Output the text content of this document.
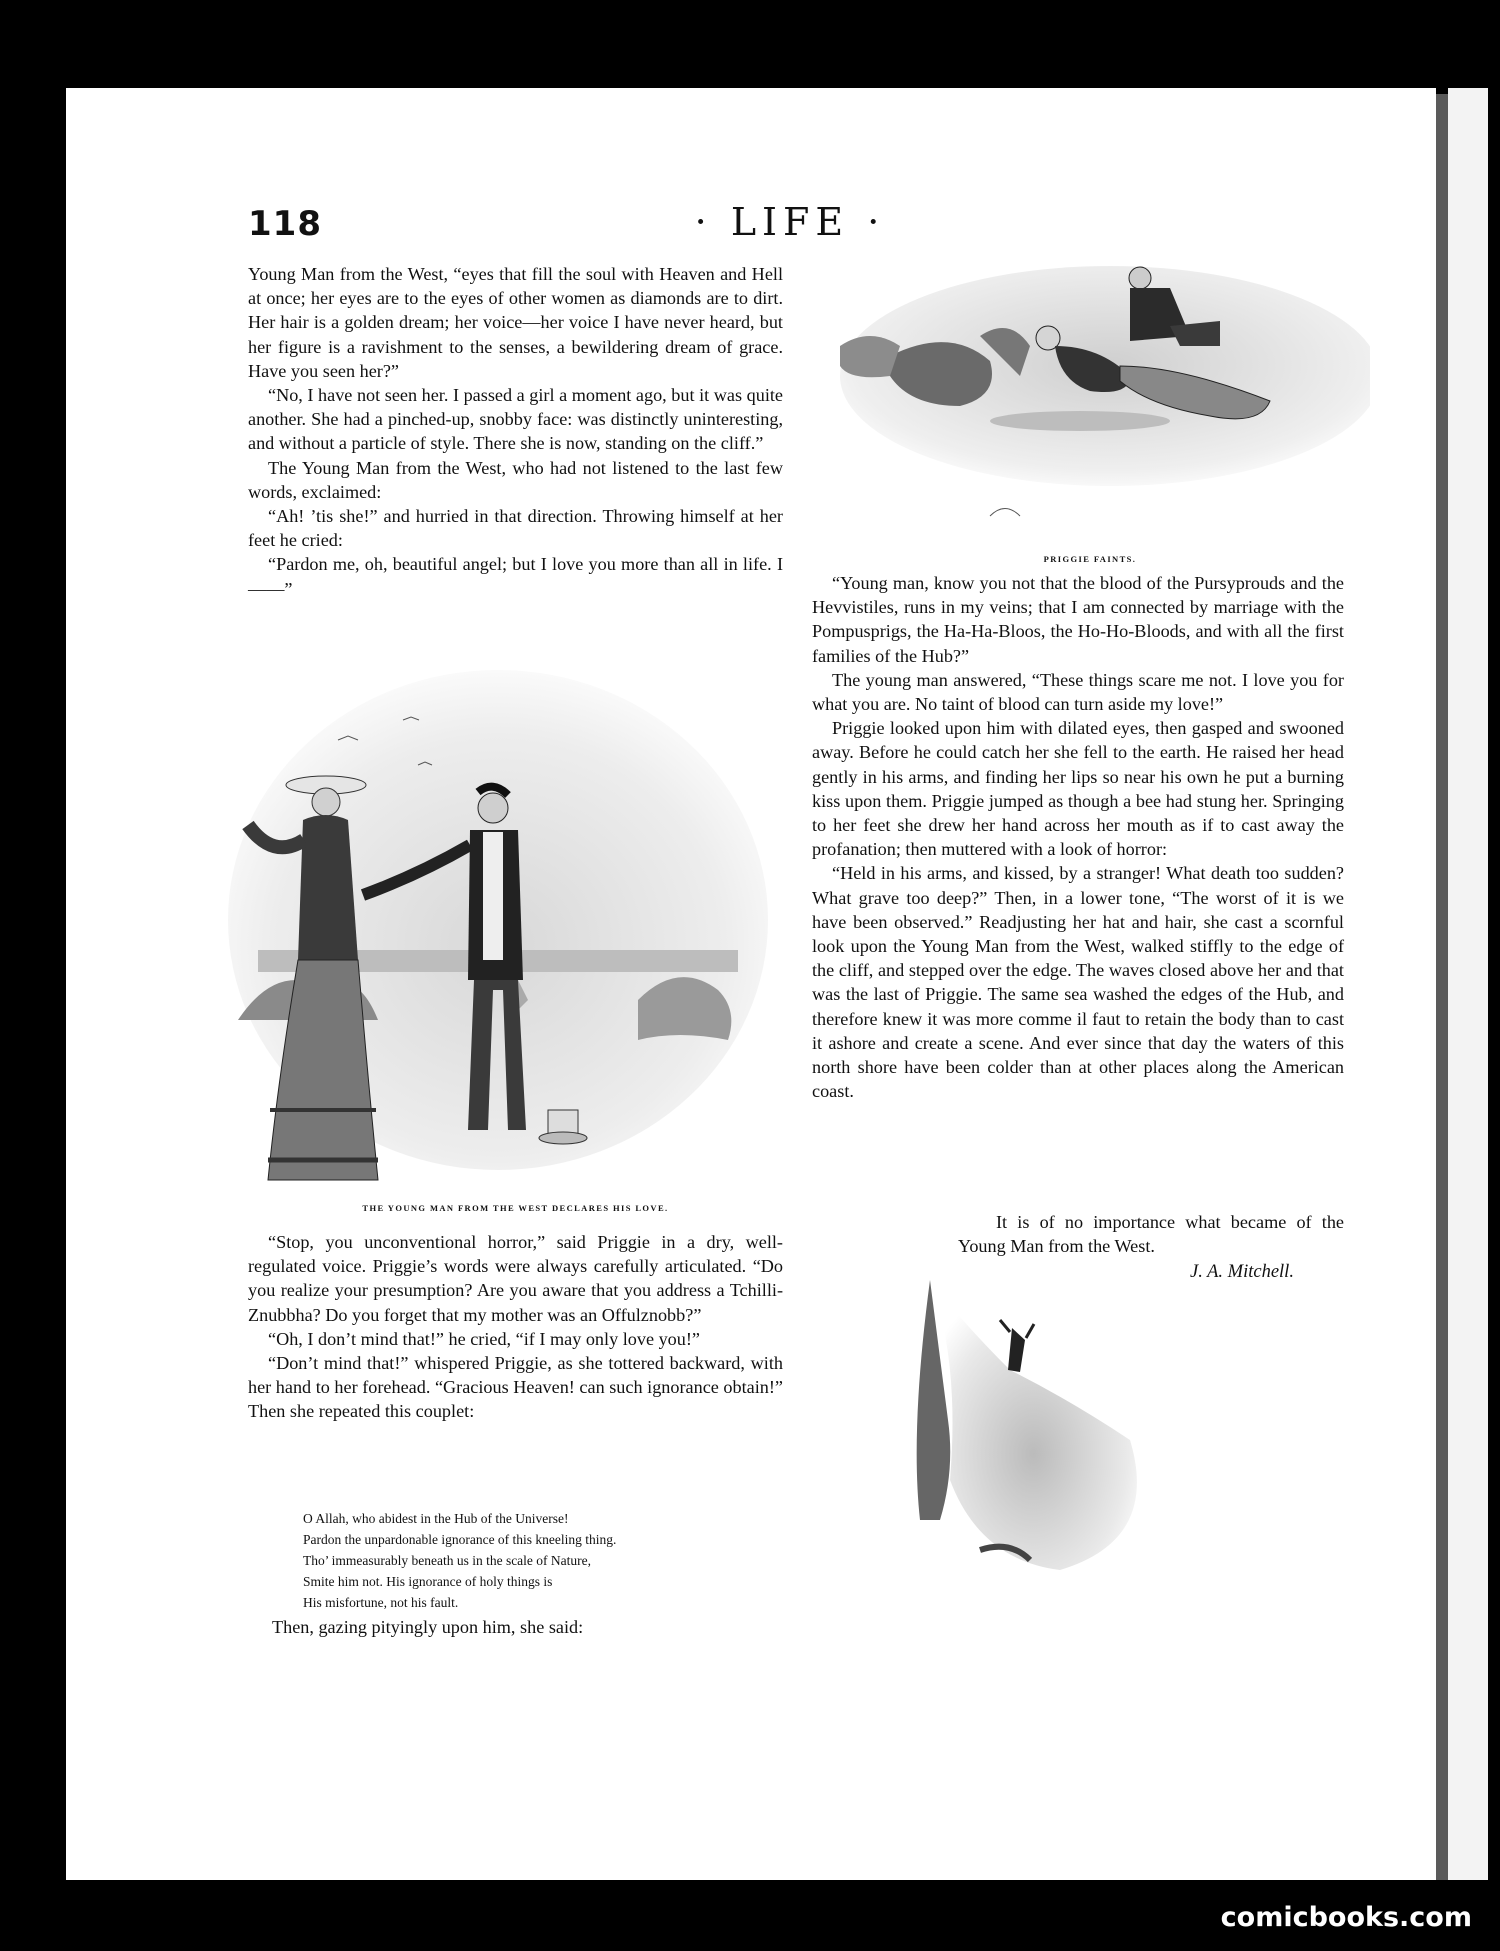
118	· LIFE ·

Young Man from the West, “eyes that fill the soul with Heaven and Hell at once; her eyes are to the eyes of other women as diamonds are to dirt. Her hair is a golden dream; her voice—her voice I have never heard, but her figure is a ravishment to the senses, a bewildering dream of grace. Have you seen her?”

“No, I have not seen her. I passed a girl a moment ago, but it was quite another. She had a pinched-up, snobby face: was distinctly uninteresting, and without a particle of style. There she is now, standing on the cliff.”

The Young Man from the West, who had not listened to the last few words, exclaimed:

“Ah! ’tis she!” and hurried in that direction. Throwing himself at her feet he cried:

“Pardon me, oh, beautiful angel; but I love you more than all in life. I ——”

THE YOUNG MAN FROM THE WEST DECLARES HIS LOVE.

“Stop, you unconventional horror,” said Priggie in a dry, well-regulated voice. Priggie’s words were always carefully articulated. “Do you realize your presumption? Are you aware that you address a Tchilli-Znubbha? Do you forget that my mother was an Offulznobb?”

“Oh, I don’t mind that!” he cried, “if I may only love you!”

“Don’t mind that!” whispered Priggie, as she tottered backward, with her hand to her forehead. “Gracious Heaven! can such ignorance obtain!” Then she repeated this couplet:

O Allah, who abidest in the Hub of the Universe!
Pardon the unpardonable ignorance of this kneeling thing.
Tho’ immeasurably beneath us in the scale of Nature,
Smite him not. His ignorance of holy things is
His misfortune, not his fault.
Then, gazing pityingly upon him, she said:
PRIGGIE FAINTS.

“Young man, know you not that the blood of the Pursyprouds and the Hevvistiles, runs in my veins; that I am connected by marriage with the Pompusprigs, the Ha-Ha-Bloos, the Ho-Ho-Bloods, and with all the first families of the Hub?”

The young man answered, “These things scare me not. I love you for what you are. No taint of blood can turn aside my love!”

Priggie looked upon him with dilated eyes, then gasped and swooned away. Before he could catch her she fell to the earth. He raised her head gently in his arms, and finding her lips so near his own he put a burning kiss upon them. Priggie jumped as though a bee had stung her. Springing to her feet she drew her hand across her mouth as if to cast away the profanation; then muttered with a look of horror:

“Held in his arms, and kissed, by a stranger! What death too sudden? What grave too deep?” Then, in a lower tone, “The worst of it is we have been observed.” Readjusting her hat and hair, she cast a scornful look upon the Young Man from the West, walked stiffly to the edge of the cliff, and stepped over the edge. The waves closed above her and that was the last of Priggie. The same sea washed the edges of the Hub, and therefore knew it was more comme il faut to retain the body than to cast it ashore and create a scene. And ever since that day the waters of this north shore have been colder than at other places along the American coast.

It is of no importance what became of the Young Man from the West.

J. A. Mitchell.
comicbooks.com
